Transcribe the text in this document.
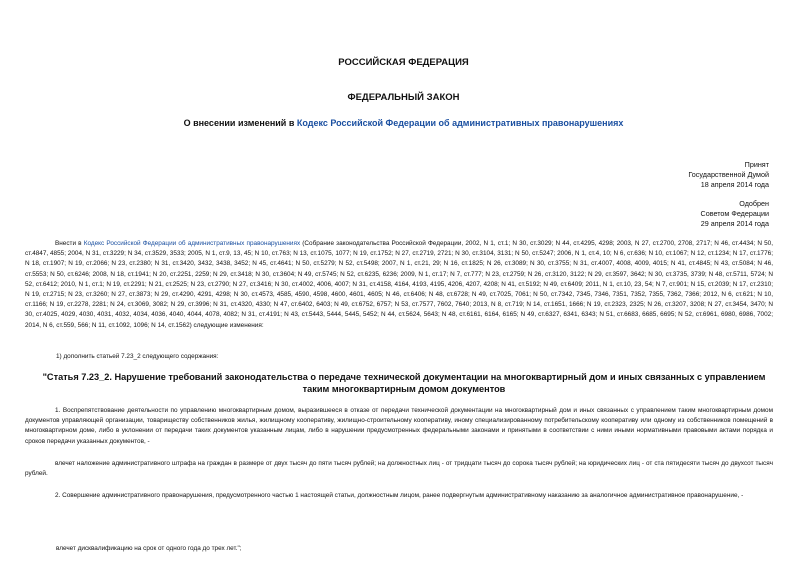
РОССИЙСКАЯ ФЕДЕРАЦИЯ
ФЕДЕРАЛЬНЫЙ ЗАКОН
О внесении изменений в Кодекс Российской Федерации об административных правонарушениях
Принят
Государственной Думой
18 апреля 2014 года
Одобрен
Советом Федерации
29 апреля 2014 года
Внести в Кодекс Российской Федерации об административных правонарушениях (Собрание законодательства Российской Федерации, 2002, N 1, ст.1; N 30, ст.3029; N 44, ст.4295, 4298; 2003, N 27, ст.2700, 2708, 2717; N 46, ст.4434; N 50, ст.4847, 4855; 2004, N 31, ст.3229; N 34, ст.3529, 3533; 2005, N 1, ст.9, 13, 45; N 10, ст.763; N 13, ст.1075, 1077; N 19, ст.1752; N 27, ст.2719, 2721; N 30, ст.3104, 3131; N 50, ст.5247; 2006, N 1, ст.4, 10; N 6, ст.636; N 10, ст.1067; N 12, ст.1234; N 17, ст.1776; N 18, ст.1907; N 19, ст.2066; N 23, ст.2380; N 31, ст.3420, 3432, 3438, 3452; N 45, ст.4641; N 50, ст.5279; N 52, ст.5498; 2007, N 1, ст.21, 29; N 16, ст.1825; N 26, ст.3089; N 30, ст.3755; N 31, ст.4007, 4008, 4009, 4015; N 41, ст.4845; N 43, ст.5084; N 46, ст.5553; N 50, ст.6246; 2008, N 18, ст.1941; N 20, ст.2251, 2259; N 29, ст.3418; N 30, ст.3604; N 49, ст.5745; N 52, ст.6235, 6236; 2009, N 1, ст.17; N 7, ст.777; N 23, ст.2759; N 26, ст.3120, 3122; N 29, ст.3597, 3642; N 30, ст.3735, 3739; N 48, ст.5711, 5724; N 52, ст.6412; 2010, N 1, ст.1; N 19, ст.2291; N 21, ст.2525; N 23, ст.2790; N 27, ст.3416; N 30, ст.4002, 4006, 4007; N 31, ст.4158, 4164, 4193, 4195, 4206, 4207, 4208; N 41, ст.5192; N 49, ст.6409; 2011, N 1, ст.10, 23, 54; N 7, ст.901; N 15, ст.2039; N 17, ст.2310; N 19, ст.2715; N 23, ст.3260; N 27, ст.3873; N 29, ст.4290, 4291, 4298; N 30, ст.4573, 4585, 4590, 4598, 4600, 4601, 4605; N 46, ст.6406; N 48, ст.6728; N 49, ст.7025, 7061; N 50, ст.7342, 7345, 7346, 7351, 7352, 7355, 7362, 7366; 2012, N 6, ст.621; N 10, ст.1166; N 19, ст.2278, 2281; N 24, ст.3069, 3082; N 29, ст.3996; N 31, ст.4320, 4330; N 47, ст.6402, 6403; N 49, ст.6752, 6757; N 53, ст.7577, 7602, 7640; 2013, N 8, ст.719; N 14, ст.1651, 1666; N 19, ст.2323, 2325; N 26, ст.3207, 3208; N 27, ст.3454, 3470; N 30, ст.4025, 4029, 4030, 4031, 4032, 4034, 4036, 4040, 4044, 4078, 4082; N 31, ст.4191; N 43, ст.5443, 5444, 5445, 5452; N 44, ст.5624, 5643; N 48, ст.6161, 6164, 6165; N 49, ст.6327, 6341, 6343; N 51, ст.6683, 6685, 6695; N 52, ст.6961, 6980, 6986, 7002; 2014, N 6, ст.559, 566; N 11, ст.1092, 1096; N 14, ст.1562) следующие изменения:
1) дополнить статьей 7.23_2 следующего содержания:
"Статья 7.23_2. Нарушение требований законодательства о передаче технической документации на многоквартирный дом и иных связанных с управлением таким многоквартирным домом документов
1. Воспрепятствование деятельности по управлению многоквартирным домом, выразившееся в отказе от передачи технической документации на многоквартирный дом и иных связанных с управлением таким многоквартирным домом документов управляющей организации, товариществу собственников жилья, жилищному кооперативу, жилищно-строительному кооперативу, иному специализированному потребительскому кооперативу или одному из собственников помещений в многоквартирном доме, либо в уклонении от передачи таких документов указанным лицам, либо в нарушении предусмотренных федеральными законами и принятыми в соответствии с ними иными нормативными правовыми актами порядка и сроков передачи указанных документов, -
влечет наложение административного штрафа на граждан в размере от двух тысяч до пяти тысяч рублей; на должностных лиц - от тридцати тысяч до сорока тысяч рублей; на юридических лиц - от ста пятидесяти тысяч до двухсот тысяч рублей.
2. Совершение административного правонарушения, предусмотренного частью 1 настоящей статьи, должностным лицом, ранее подвергнутым административному наказанию за аналогичное административное правонарушение, -
влечет дисквалификацию на срок от одного года до трех лет.";
